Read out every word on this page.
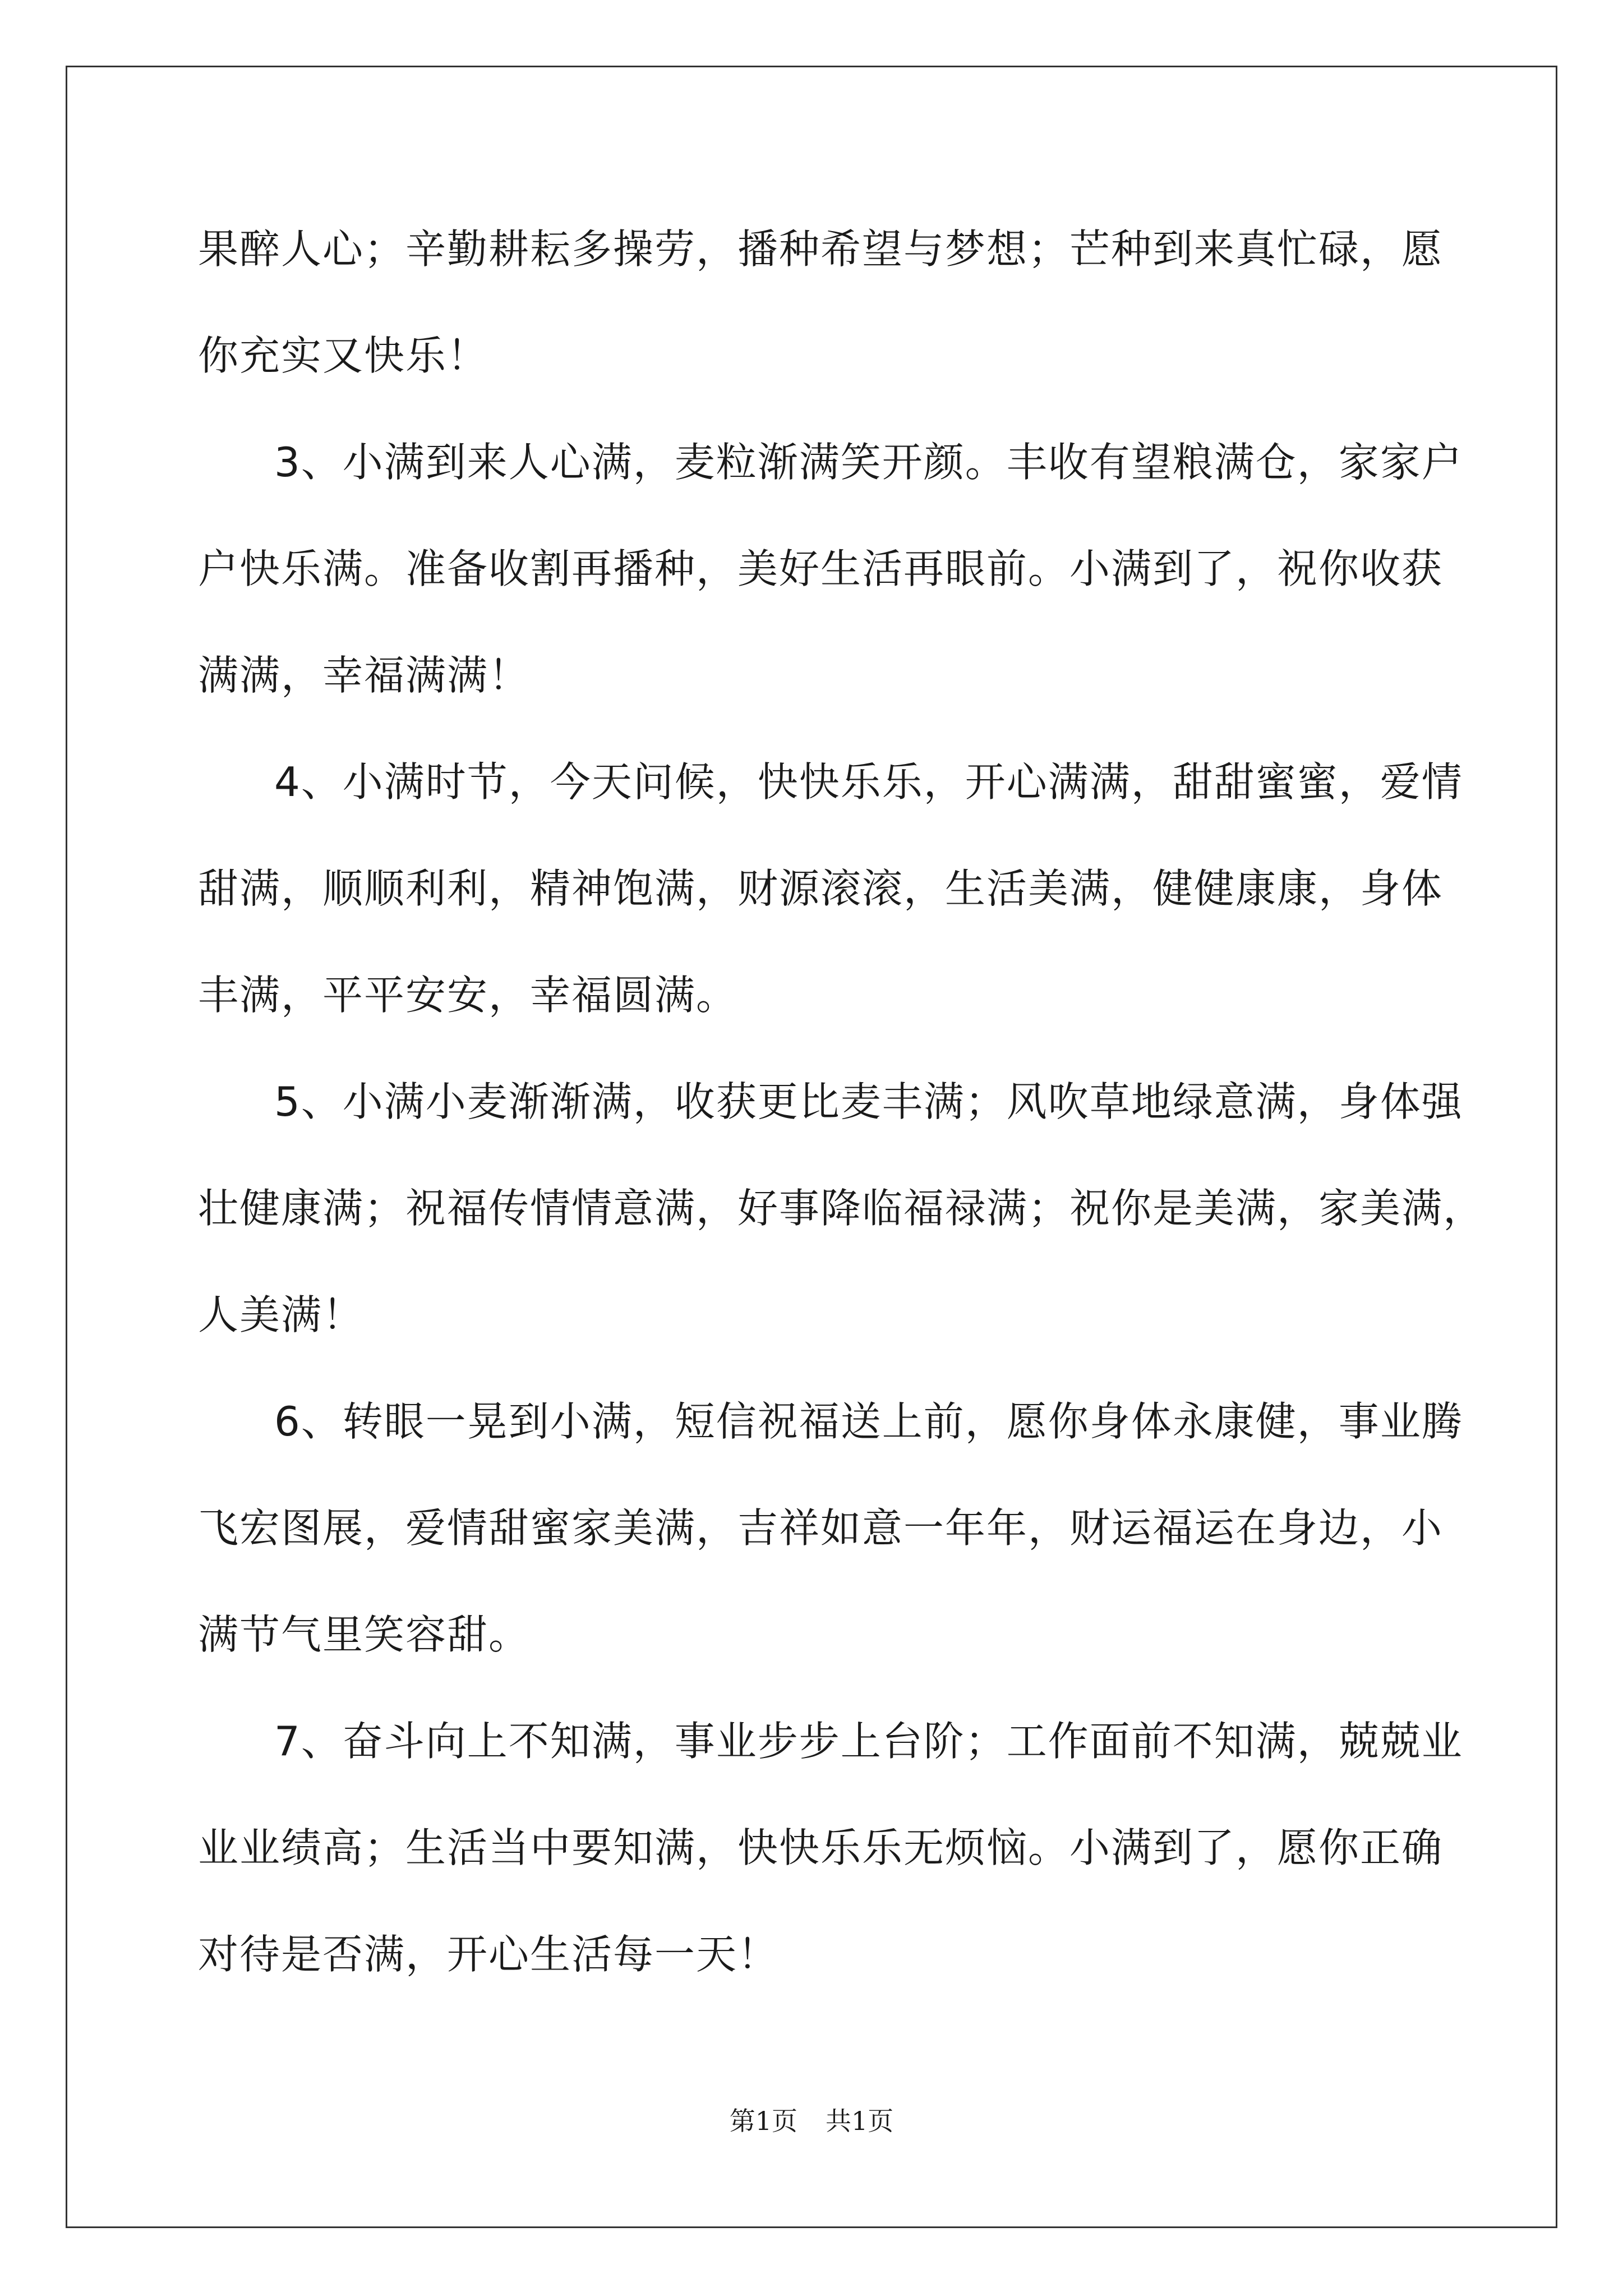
果醉人心；辛勤耕耘多操劳，播种希望与梦想；芒种到来真忙碌，愿
你充实又快乐！
3、小满到来人心满，麦粒渐满笑开颜。丰收有望粮满仓，家家户
户快乐满。准备收割再播种，美好生活再眼前。小满到了，祝你收获
满满，幸福满满！
4、小满时节，今天问候，快快乐乐，开心满满，甜甜蜜蜜，爱情
甜满，顺顺利利，精神饱满，财源滚滚，生活美满，健健康康，身体
丰满，平平安安，幸福圆满。
5、小满小麦渐渐满，收获更比麦丰满；风吹草地绿意满，身体强
壮健康满；祝福传情情意满，好事降临福禄满；祝你是美满，家美满，
人美满！
6、转眼一晃到小满，短信祝福送上前，愿你身体永康健，事业腾
飞宏图展，爱情甜蜜家美满，吉祥如意一年年，财运福运在身边，小
满节气里笑容甜。
7、奋斗向上不知满，事业步步上台阶；工作面前不知满，兢兢业
业业绩高；生活当中要知满，快快乐乐无烦恼。小满到了，愿你正确
对待是否满，开心生活每一天！
第1页 共1页
